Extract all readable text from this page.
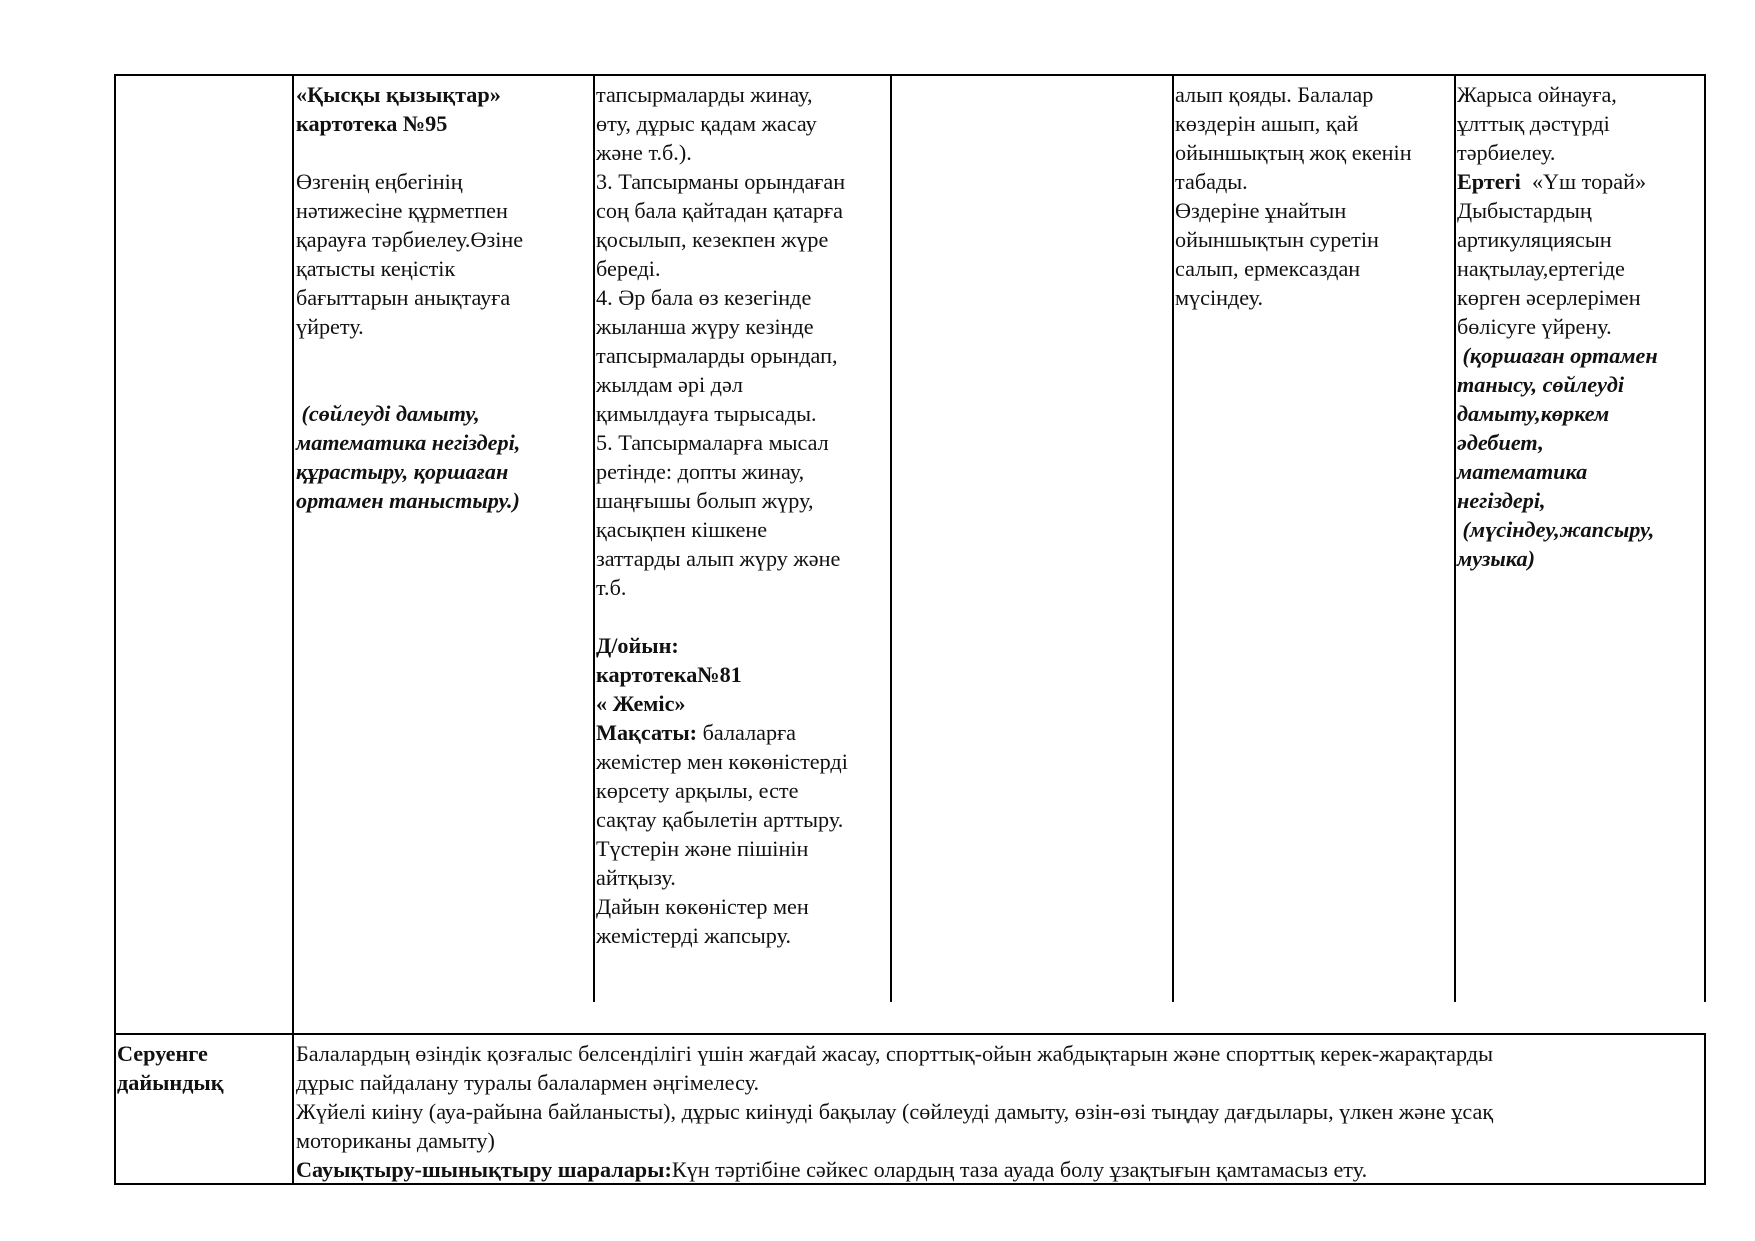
«Қысқы қызықтар»

картотека №95

Өзгенің еңбегінің

нәтижесіне құрметпен

қарауға тәрбиелеу.Өзіне

қатысты кеңістік

бағыттарын анықтауға

үйрету.

(сөйлеуді дамыту,

математика негіздері,

құрастыру, қоршаған

ортамен таныстыру.)

тапсырмаларды жинау,

өту, дұрыс қадам жасау

және т.б.).

3. Тапсырманы орындаған

соң бала қайтадан қатарға

қосылып, кезекпен жүре

береді.

4. Әр бала өз кезегінде

жыланша жүру кезінде

тапсырмаларды орындап,

жылдам әрі дәл

қимылдауға тырысады.

5. Тапсырмаларға мысал

ретінде: допты жинау,

шаңғышы болып жүру,

қасықпен кішкене

заттарды алып жүру және

т.б.

Д/ойын:

картотека№81

« Жеміс»

Мақсаты: балаларға

жемістер мен көкөністерді

көрсету арқылы, есте

сақтау қабылетін арттыру.

Түстерін және пішінін

айтқызу.

Дайын көкөністер мен

жемістерді жапсыру.

алып қояды. Балалар

көздерін ашып, қай

ойыншықтың жоқ екенін

табады.

Өздеріне ұнайтын

ойыншықтын суретін

салып, ермексаздан

мүсіндеу.

Жарыса ойнауға,

ұлттық дәстүрді

тәрбиелеу.

Ертегі  «Үш торай»

Дыбыстардың

артикуляциясын

нақтылау,ертегіде

көрген әсерлерімен

бөлісуге үйрену.

(қоршаған ортамен

танысу, сөйлеуді

дамыту,көркем

әдебиет,

математика

негіздері,

(мүсіндеу,жапсыру,

музыка)

Серуенге

дайындық

Балалардың өзіндік қозғалыс белсенділігі үшін жағдай жасау, спорттық-ойын жабдықтарын және спорттық керек-жарақтарды

дұрыс пайдалану туралы балалармен әңгімелесу.

Жүйелі киіну (ауа-райына байланысты), дұрыс киінуді бақылау (сөйлеуді дамыту, өзін-өзі тыңдау дағдылары, үлкен және ұсақ

моториканы дамыту)

Сауықтыру-шынықтыру шаралары:Күн тәртібіне сәйкес олардың таза ауада болу ұзақтығын қамтамасыз ету.
